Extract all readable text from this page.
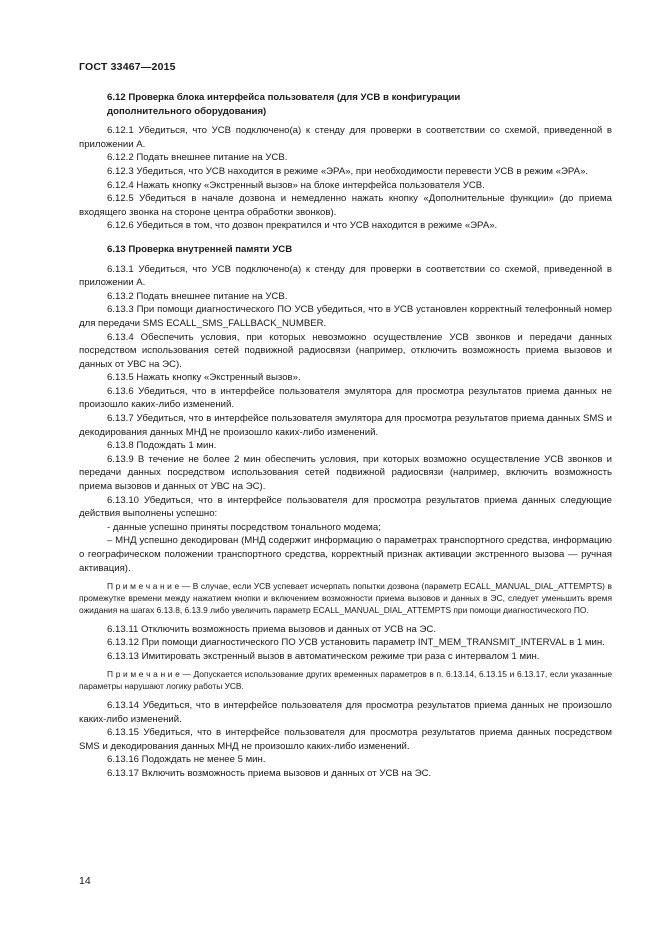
ГОСТ 33467—2015

6.12 Проверка блока интерфейса пользователя (для УСВ в конфигурации

дополнительного оборудования)

6.12.1 Убедиться, что УСВ подключено(а) к стенду для проверки в соответствии со схемой, приведенной в приложении А.

6.12.2 Подать внешнее питание на УСВ.

6.12.3 Убедиться, что УСВ находится в режиме «ЭРА», при необходимости перевести УСВ в режим «ЭРА».

6.12.4 Нажать кнопку «Экстренный вызов» на блоке интерфейса пользователя УСВ.

6.12.5 Убедиться в начале дозвона и немедленно нажать кнопку «Дополнительные функции» (до приема входящего звонка на стороне центра обработки звонков).

6.12.6 Убедиться в том, что дозвон прекратился и что УСВ находится в режиме «ЭРА».

6.13 Проверка внутренней памяти УСВ

6.13.1 Убедиться, что УСВ подключено(а) к стенду для проверки в соответствии со схемой, приведенной в приложении А.

6.13.2 Подать внешнее питание на УСВ.

6.13.3 При помощи диагностического ПО УСВ убедиться, что в УСВ установлен корректный телефонный номер для передачи SMS ECALL_SMS_FALLBACK_NUMBER.

6.13.4 Обеспечить условия, при которых невозможно осуществление УСВ звонков и передачи данных посредством использования сетей подвижной радиосвязи (например, отключить возможность приема вызовов и данных от УВС на ЭС).

6.13.5 Нажать кнопку «Экстренный вызов».

6.13.6 Убедиться, что в интерфейсе пользователя эмулятора для просмотра результатов приема данных не произошло каких-либо изменений.

6.13.7 Убедиться, что в интерфейсе пользователя эмулятора для просмотра результатов приема данных SMS и декодирования данных МНД не произошло каких-либо изменений.

6.13.8 Подождать 1 мин.

6.13.9 В течение не более 2 мин обеспечить условия, при которых возможно осуществление УСВ звонков и передачи данных посредством использования сетей подвижной радиосвязи (например, включить возможность приема вызовов и данных от УВС на ЭС).

6.13.10 Убедиться, что в интерфейсе пользователя для просмотра результатов приема данных следующие действия выполнены успешно:

- данные успешно приняты посредством тонального модема;

– МНД успешно декодирован (МНД содержит информацию о параметрах транспортного средства, информацию о географическом положении транспортного средства, корректный признак активации экстренного вызова — ручная активация).

П р и м е ч а н и е — В случае, если УСВ успевает исчерпать попытки дозвона (параметр ECALL_MANUAL_DIAL_ATTEMPTS) в промежутке времени между нажатием кнопки и включением возможности приема вызовов и данных в ЭС, следует уменьшить время ожидания на шагах 6.13.8, 6.13.9 либо увеличить параметр ECALL_MANUAL_DIAL_ATTEMPTS при помощи диагностического ПО.

6.13.11 Отключить возможность приема вызовов и данных от УСВ на ЭС.

6.13.12 При помощи диагностического ПО УСВ установить параметр INT_MEM_TRANSMIT_INTERVAL в 1 мин.

6.13.13 Имитировать экстренный вызов в автоматическом режиме три раза с интервалом 1 мин.

П р и м е ч а н и е — Допускается использование других временных параметров в п. 6.13.14, 6.13.15 и 6.13.17, если указанные параметры нарушают логику работы УСВ.

6.13.14 Убедиться, что в интерфейсе пользователя для просмотра результатов приема данных не произошло каких-либо изменений.

6.13.15 Убедиться, что в интерфейсе пользователя для просмотра результатов приема данных посредством SMS и декодирования данных МНД не произошло каких-либо изменений.

6.13.16 Подождать не менее 5 мин.

6.13.17 Включить возможность приема вызовов и данных от УСВ на ЭС.

14
